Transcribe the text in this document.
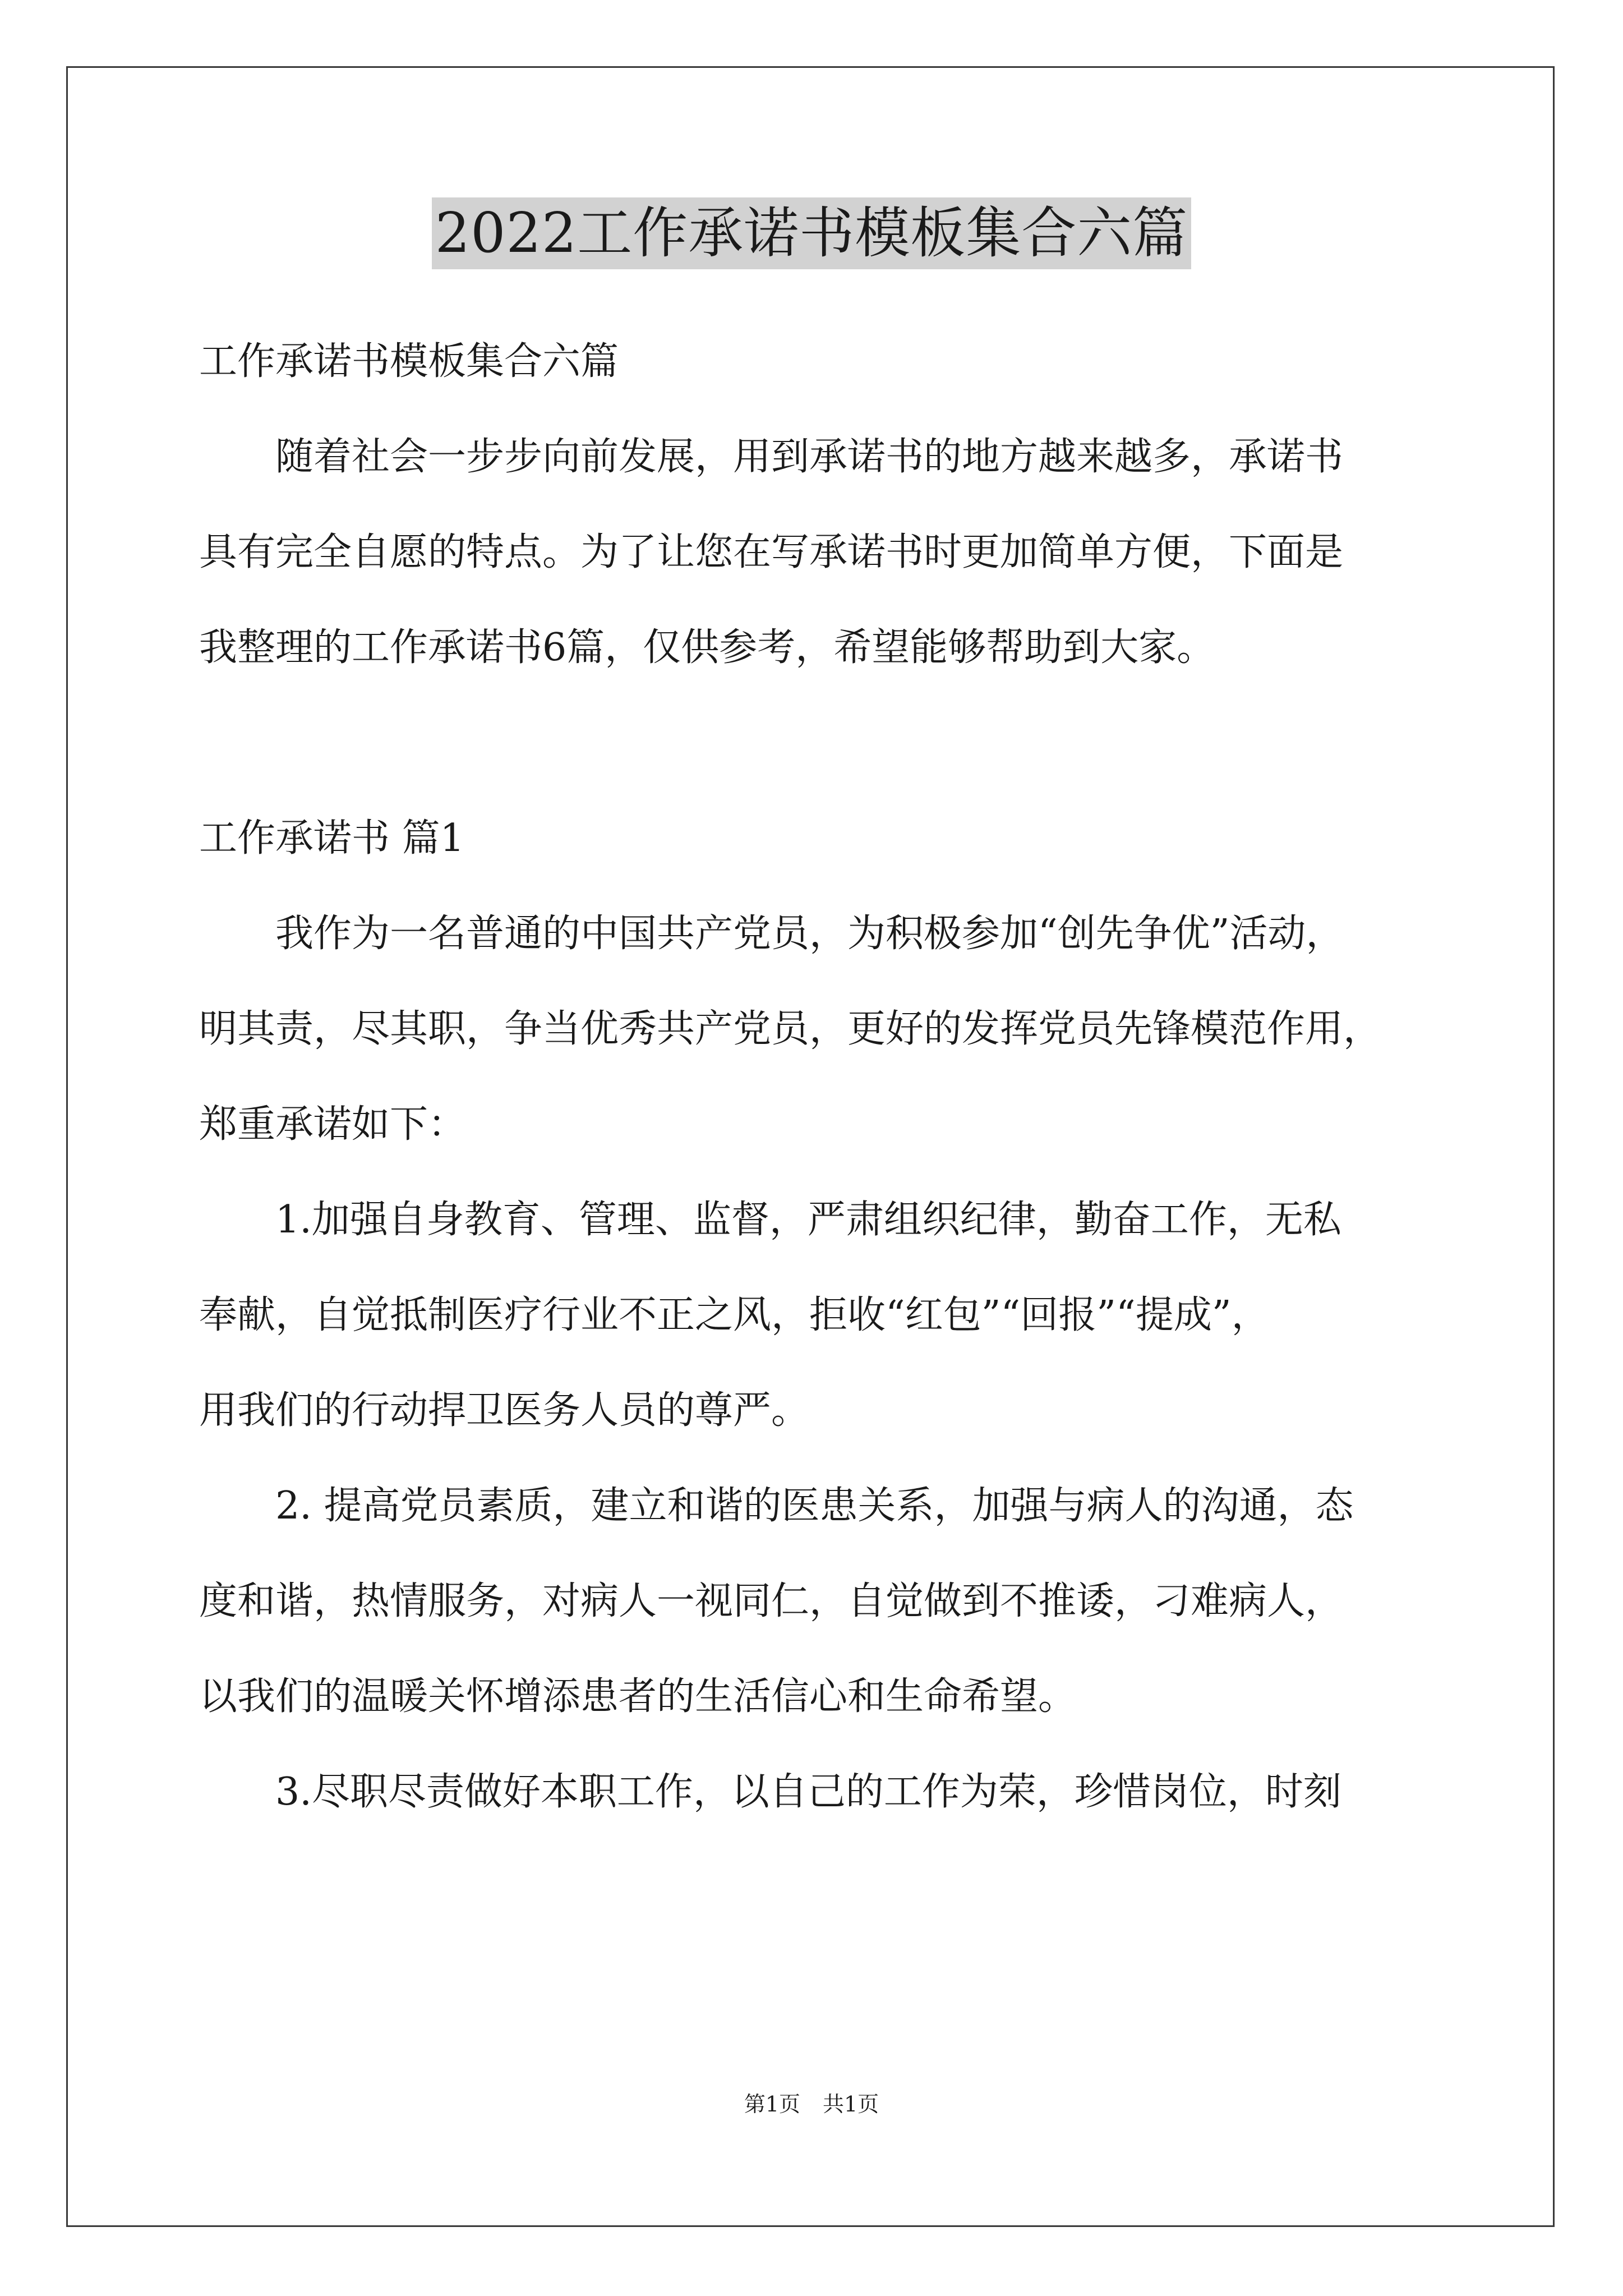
2022工作承诺书模板集合六篇

工作承诺书模板集合六篇

　　随着社会一步步向前发展，用到承诺书的地方越来越多，承诺书

具有完全自愿的特点。为了让您在写承诺书时更加简单方便，下面是

我整理的工作承诺书6篇，仅供参考，希望能够帮助到大家。

工作承诺书 篇1

　　我作为一名普通的中国共产党员，为积极参加“创先争优”活动，

明其责，尽其职，争当优秀共产党员，更好的发挥党员先锋模范作用，

郑重承诺如下：

　　1.加强自身教育、管理、监督，严肃组织纪律，勤奋工作，无私

奉献，自觉抵制医疗行业不正之风，拒收“红包”“回报”“提成”，

用我们的行动捍卫医务人员的尊严。

　　2. 提高党员素质，建立和谐的医患关系，加强与病人的沟通，态

度和谐，热情服务，对病人一视同仁，自觉做到不推诿，刁难病人，

以我们的温暖关怀增添患者的生活信心和生命希望。

　　3.尽职尽责做好本职工作，以自己的工作为荣，珍惜岗位，时刻

第1页 共1页
